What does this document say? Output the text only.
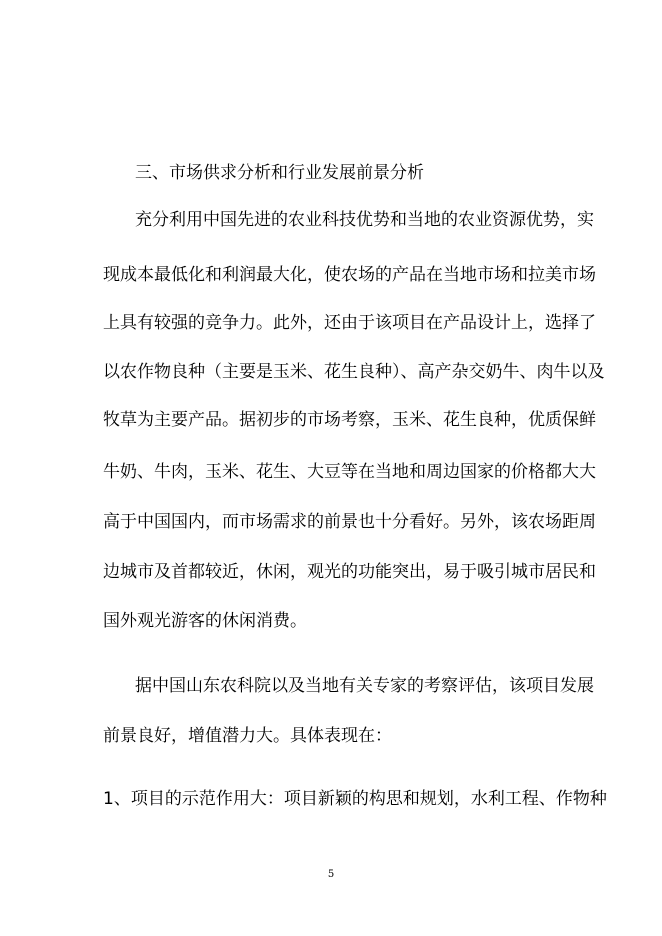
三、市场供求分析和行业发展前景分析

充分利用中国先进的农业科技优势和当地的农业资源优势，实

现成本最低化和利润最大化，使农场的产品在当地市场和拉美市场

上具有较强的竞争力。此外，还由于该项目在产品设计上，选择了

以农作物良种（主要是玉米、花生良种）、高产杂交奶牛、肉牛以及

牧草为主要产品。据初步的市场考察，玉米、花生良种，优质保鲜

牛奶、牛肉，玉米、花生、大豆等在当地和周边国家的价格都大大

高于中国国内，而市场需求的前景也十分看好。另外，该农场距周

边城市及首都较近，休闲，观光的功能突出，易于吸引城市居民和

国外观光游客的休闲消费。

据中国山东农科院以及当地有关专家的考察评估，该项目发展

前景良好，增值潜力大。具体表现在：

1、项目的示范作用大：项目新颖的构思和规划，水利工程、作物种

5
